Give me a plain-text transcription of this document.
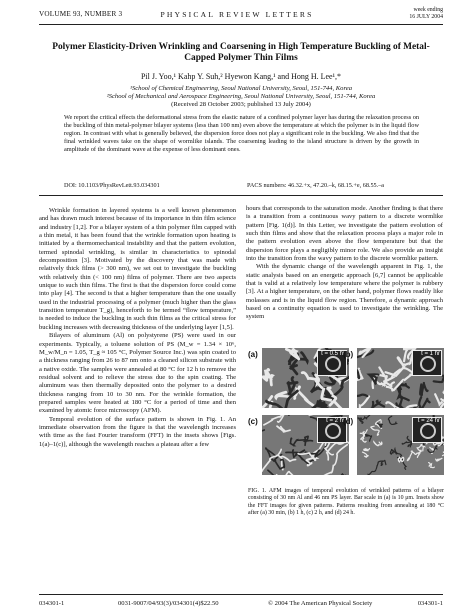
VOLUME 93, NUMBER 3	PHYSICAL REVIEW LETTERS	week ending
16 JULY 2004
Polymer Elasticity-Driven Wrinkling and Coarsening in High Temperature Buckling of Metal-Capped Polymer Thin Films
Pil J. Yoo,¹ Kahp Y. Suh,² Hyewon Kang,¹ and Hong H. Lee¹,*
¹School of Chemical Engineering, Seoul National University, Seoul, 151-744, Korea
²School of Mechanical and Aerospace Engineering, Seoul National University, Seoul, 151-744, Korea
(Received 28 October 2003; published 13 July 2004)
We report the critical effects the deformational stress from the elastic nature of a confined polymer layer has during the relaxation process on the buckling of thin metal-polymer bilayer systems (less than 100 nm) even above the temperature at which the polymer is in the liquid flow region. In contrast with what is generally believed, the dispersion force does not play a significant role in the buckling. We also find that the final wrinkled waves take on the shape of wormlike islands. The coarsening leading to the island structure is driven by the growth in amplitude of the dominant wave at the expense of less dominant ones.
DOI: 10.1103/PhysRevLett.93.034301	PACS numbers: 46.32.+x, 47.20.–k, 68.15.+e, 68.55.–a

Wrinkle formation in layered systems is a well known phenomenon and has drawn much interest because of its importance in thin film science and industry [1,2]. For a bilayer system of a thin polymer film capped with a thin metal, it has been found that the wrinkle formation upon heating is initiated by a thermomechanical instability and that the pattern evolution, termed spinodal wrinkling, is similar in characteristics to spinodal decomposition [3]. Motivated by the discovery that was made with relatively thick films (> 300 nm), we set out to investigate the buckling with relatively thin (< 100 nm) films of polymer. There are two aspects unique to such thin films. The first is that the dispersion force could come into play [4]. The second is that a higher temperature than the one usually used in the industrial processing of a polymer (much higher than the glass transition temperature T_g), henceforth to be termed “flow temperature,” is needed to induce the buckling in such thin films as the critical stress for buckling increases with decreasing thickness of the underlying layer [1,5].

Bilayers of aluminum (Al) on polystyrene (PS) were used in our experiments. Typically, a toluene solution of PS (M_w = 1.34 × 10⁶, M_w/M_n = 1.05, T_g ≈ 105 °C, Polymer Source Inc.) was spin coated to a thickness ranging from 26 to 87 nm onto a cleaned silicon substrate with a native oxide. The samples were annealed at 80 °C for 12 h to remove the residual solvent and to relieve the stress due to the spin coating. The aluminum was then thermally deposited onto the polymer to a desired thickness ranging from 10 to 30 nm. For the wrinkle formation, the prepared samples were heated at 180 °C for a period of time and then examined by atomic force microscopy (AFM).

Temporal evolution of the surface pattern is shown in Fig. 1. An immediate observation from the figure is that the wavelength increases with time as the fast Fourier transform (FFT) in the insets shows [Figs. 1(a)–1(c)], although the wavelength reaches a plateau after a few

hours that corresponds to the saturation mode. Another finding is that there is a transition from a continuous wavy pattern to a discrete wormlike pattern [Fig. 1(d)]. In this Letter, we investigate the pattern evolution of such thin films and show that the relaxation process plays a major role in the pattern evolution even above the flow temperature but that the dispersion force plays a negligibly minor role. We also provide an insight into the transition from the wavy pattern to the discrete wormlike pattern.

With the dynamic change of the wavelength apparent in Fig. 1, the static analysis based on an energetic approach [6,7] cannot be applicable that is valid at a relatively low temperature where the polymer is rubbery [3]. At a higher temperature, on the other hand, polymer flows readily like molasses and is in the liquid flow region. Therefore, a dynamic approach based on a continuity equation is used to investigate the wrinkling. The system

t = 0.5 hr	t = 1 hr
t = 2 hr	t = 24 hr
(a)	(b)
(c)	(d)
FIG. 1. AFM images of temporal evolution of wrinkled patterns of a bilayer consisting of 30 nm Al and 46 nm PS layer. Bar scale in (a) is 10 μm. Insets show the FFT images for given patterns. Patterns resulting from annealing at 180 °C after (a) 30 min, (b) 1 h, (c) 2 h, and (d) 24 h.
034301-1	0031-9007/04/93(3)/034301(4)$22.50	© 2004 The American Physical Society	034301-1
